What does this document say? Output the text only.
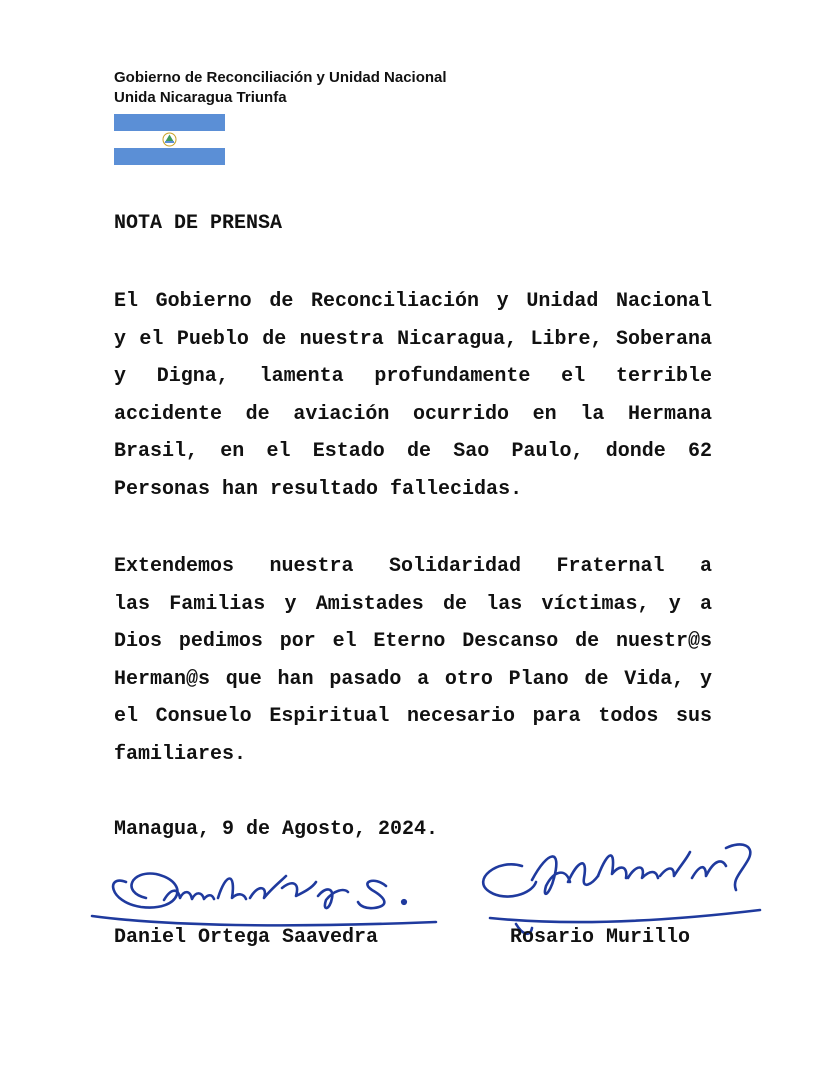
Gobierno de Reconciliación y Unidad Nacional
Unida Nicaragua Triunfa
NOTA DE PRENSA
El Gobierno de Reconciliación y Unidad Nacional
y el Pueblo de nuestra Nicaragua, Libre, Soberana
y Digna, lamenta profundamente el terrible
accidente de aviación ocurrido en la Hermana
Brasil, en el Estado de Sao Paulo, donde 62
Personas han resultado fallecidas.
Extendemos nuestra Solidaridad Fraternal a
las Familias y Amistades de las víctimas, y a
Dios pedimos por el Eterno Descanso de nuestr@s
Herman@s que han pasado a otro Plano de Vida, y
el Consuelo Espiritual necesario para todos sus
familiares.
Managua, 9 de Agosto, 2024.
Daniel Ortega Saavedra	Rosario Murillo
